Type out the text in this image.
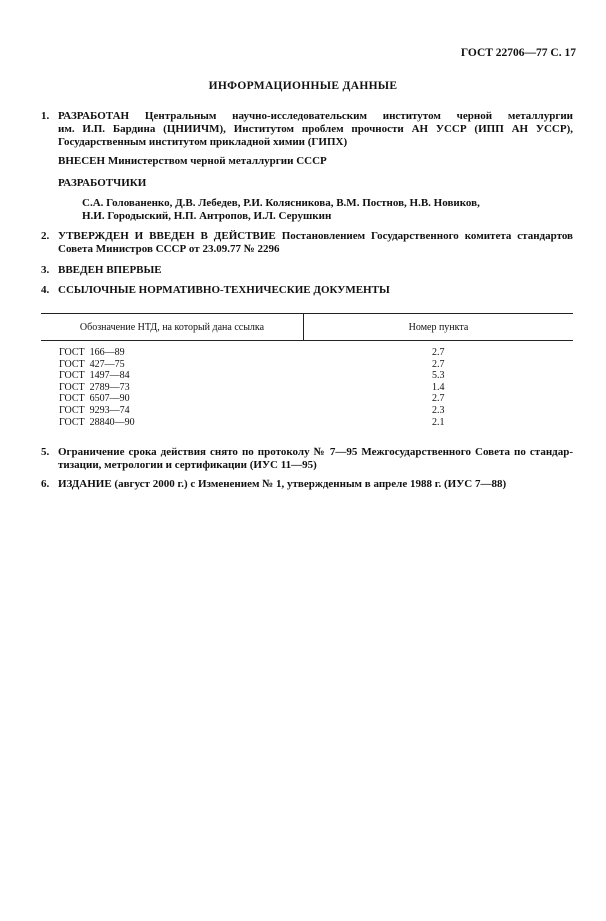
ГОСТ 22706—77 С. 17
ИНФОРМАЦИОННЫЕ ДАННЫЕ
1. РАЗРАБОТАН Центральным научно-исследовательским институтом черной металлургии
им. И.П. Бардина (ЦНИИЧМ), Институтом проблем прочности АН УССР (ИПП АН УССР),
Государственным институтом прикладной химии (ГИПХ)
ВНЕСЕН Министерством черной металлургии СССР
РАЗРАБОТЧИКИ
С.А. Голованенко, Д.В. Лебедев, Р.И. Колясникова, В.М. Постнов, Н.В. Новиков,
Н.И. Городыский, Н.П. Антропов, И.Л. Серушкин
2. УТВЕРЖДЕН И ВВЕДЕН В ДЕЙСТВИЕ Постановлением Государственного комитета стандартов
Совета Министров СССР от 23.09.77 № 2296
3. ВВЕДЕН ВПЕРВЫЕ
4. ССЫЛОЧНЫЕ НОРМАТИВНО-ТЕХНИЧЕСКИЕ ДОКУМЕНТЫ
Обозначение НТД, на который дана ссылка	Номер пункта

ГОСТ 166—89	2.7
ГОСТ 427—75	2.7
ГОСТ 1497—84	5.3
ГОСТ 2789—73	1.4
ГОСТ 6507—90	2.7
ГОСТ 9293—74	2.3
ГОСТ 28840—90	2.1
5. Ограничение срока действия снято по протоколу № 7—95 Межгосударственного Совета по стандар-
тизации, метрологии и сертификации (ИУС 11—95)
6. ИЗДАНИЕ (август 2000 г.) с Изменением № 1, утвержденным в апреле 1988 г. (ИУС 7—88)
